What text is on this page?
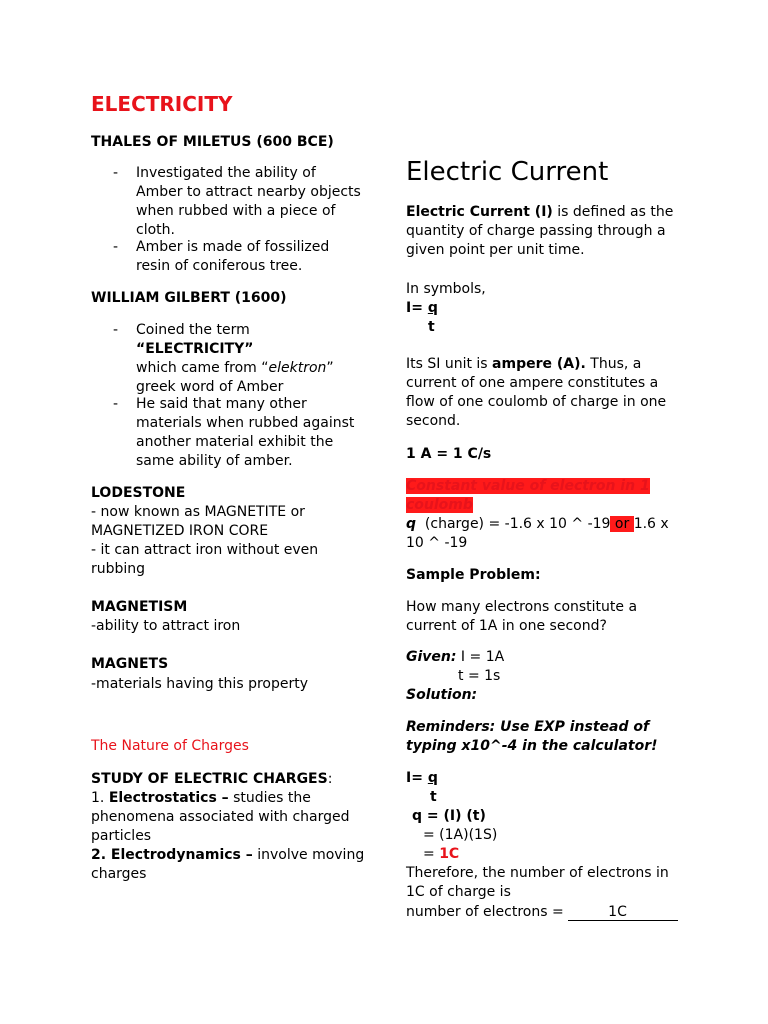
ELECTRICITY
THALES OF MILETUS (600 BCE)
- Investigated the ability of Amber to attract nearby objects when rubbed with a piece of cloth.
- Amber is made of fossilized resin of coniferous tree.
WILLIAM GILBERT (1600)
- Coined the term
“ELECTRICITY”
which came from “elektron”
greek word of Amber
- He said that many other materials when rubbed against another material exhibit the same ability of amber.
LODESTONE
- now known as MAGNETITE or
MAGNETIZED IRON CORE
- it can attract iron without even
rubbing
MAGNETISM
-ability to attract iron
MAGNETS
-materials having this property
The Nature of Charges
STUDY OF ELECTRIC CHARGES:
1. Electrostatics – studies the phenomena associated with charged particles
2. Electrodynamics – involve moving charges
Electric Current
Electric Current (I) is defined as the quantity of charge passing through a given point per unit time.
In symbols,
I= q
t
Its SI unit is ampere (A). Thus, a current of one ampere constitutes a flow of one coulomb of charge in one second.
1 A = 1 C/s
Constant value of electron in 1
coulomb
q  (charge) = -1.6 x 10 ^ -19 or 1.6 x
10 ^ -19
Sample Problem:
How many electrons constitute a current of 1A in one second?
Given: I = 1A
t = 1s
Solution:
Reminders: Use EXP instead of typing x10^-4 in the calculator!
I= q
t
q = (I) (t)
= (1A)(1S)
= 1C
Therefore, the number of electrons in 1C of charge is
number of electrons =	1C
